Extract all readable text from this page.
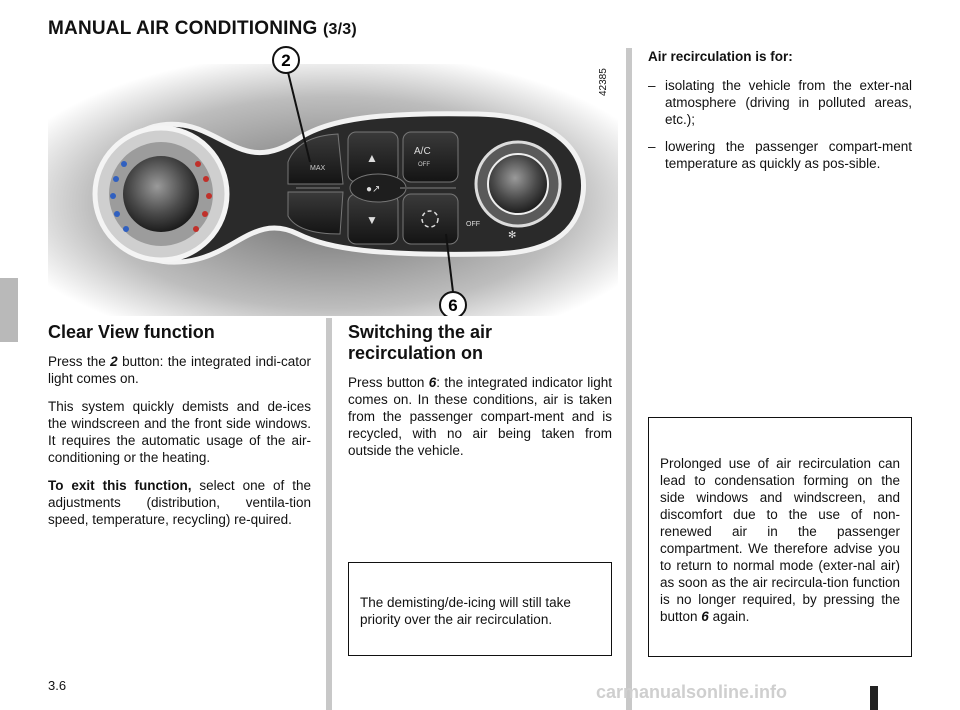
MANUAL AIR CONDITIONING (3/3)
MAX
▲
▼
A/C
OFF
●↗
OFF
✻
2
6
42385
Clear View function

Press the 2 button: the integrated indi-cator light comes on.

This system quickly demists and de-ices the windscreen and the front side windows. It requires the automatic usage of the air-conditioning or the heating.

To exit this function, select one of the adjustments (distribution, ventila-tion speed, temperature, recycling) re-quired.

Switching the air
recirculation on

Press button 6: the integrated indicator light comes on. In these conditions, air is taken from the passenger compart-ment and is recycled, with no air being taken from outside the vehicle.

The demisting/de-icing will still take priority over the air recirculation.

Air recirculation is for:
– isolating the vehicle from the exter-nal atmosphere (driving in polluted areas, etc.);
– lowering the passenger compart-ment temperature as quickly as pos-sible.

Prolonged use of air recirculation can lead to condensation forming on the side windows and windscreen, and discomfort due to the use of non-renewed air in the passenger compartment. We therefore advise you to return to normal mode (exter-nal air) as soon as the air recircula-tion function is no longer required, by pressing the button 6 again.

3.6	carmanualsonline.info
